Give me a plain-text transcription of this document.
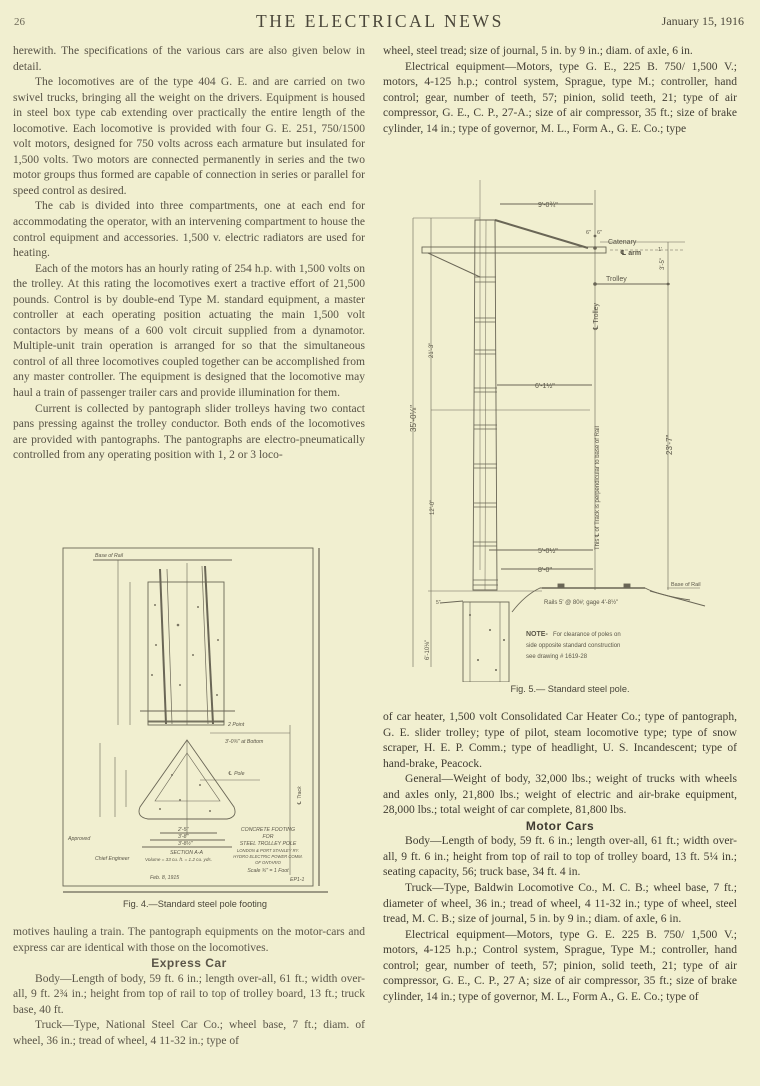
26	THE ELECTRICAL NEWS	January 15, 1916

herewith. The specifications of the various cars are also given below in detail.

The locomotives are of the type 404 G. E. and are carried on two swivel trucks, bringing all the weight on the drivers. Equipment is housed in steel box type cab extending over practically the entire length of the locomotive. Each locomotive is provided with four G. E. 251, 750/1500 volt motors, designed for 750 volts across each armature but insulated for 1,500 volts. Two motors are connected permanently in series and the two motor groups thus formed are capable of connection in series or parallel for speed control as desired.

The cab is divided into three compartments, one at each end for accommodating the operator, with an intervening compartment to house the control equipment and accessories. 1,500 v. electric radiators are used for heating.

Each of the motors has an hourly rating of 254 h.p. with 1,500 volts on the trolley. At this rating the locomotives exert a tractive effort of 21,500 pounds. Control is by double-end Type M. standard equipment, a master controller at each operating position actuating the main 1,500 volt contactors by means of a 600 volt circuit supplied from a dynamotor. Multiple-unit train operation is arranged for so that the simultaneous control of all three locomotives coupled together can be accomplished from any master controller. The equipment is designed that the locomotive may haul a train of passenger trailer cars and provide illumination for them.

Current is collected by pantograph slider trolleys having two contact pans pressing against the trolley conductor. Both ends of the locomotives are provided with pantographs. The pantographs are electro-pneumatically controlled from any operating position with 1, 2 or 3 loco-

Base of Rail
2 Point
3'-0¾" at Bottom
℄ Pole
℄ Track
2'-5"
3'-8"
3'-8½"
SECTION A-A
Volume = 33 cu. ft. = 1.2 cu. yds.
Approved
Chief Engineer
Feb. 8, 1915
CONCRETE FOOTING
FOR
STEEL TROLLEY POLE
LONDON & PORT STANLEY RY.
HYDRO ELECTRIC POWER COMM.
OF ONTARIO
Scale ¾" = 1 Foot
EP1-1
Fig. 4.—Standard steel pole footing

motives hauling a train. The pantograph equipments on the motor-cars and express car are identical with those on the locomotives.

Express Car

Body—Length of body, 59 ft. 6 in.; length over-all, 61 ft.; width over-all, 9 ft. 2¾ in.; height from top of rail to top of trolley board, 13 ft.; truck base, 40 ft.

Truck—Type, National Steel Car Co.; wheel base, 7 ft.; diam. of wheel, 36 in.; tread of wheel, 4 11-32 in.; type of

wheel, steel tread; size of journal, 5 in. by 9 in.; diam. of axle, 6 in.

Electrical equipment—Motors, type G. E., 225 B. 750/ 1,500 V.; motors, 4-125 h.p.; control system, Sprague, type M.; controller, hand control; gear, number of teeth, 57; pinion, solid teeth, 21; type of air compressor, G. E., C. P., 27-A.; size of air compressor, 35 ft.; size of brake cylinder, 14 in.; type of governor, M. L., Form A., G. E. Co.; type

9'-0¾"
6" 6"
Catenary
℄ arm	1'
3'-5"
Trolley
℄ Trolley
21'-3"
35'-0⅛"
6'-1½"
This ℄ of Track is perpendicular to base of Rail	23'-7"
12'-0"
5'-0½"
8'-0"
Base of Rail
Rails 5' @ 80#; gage 4'-8½"
6'-10⅛"
5"
NOTE- For clearance of poles on
side opposite standard construction
see drawing # 1619-28
Fig. 5.— Standard steel pole.

of car heater, 1,500 volt Consolidated Car Heater Co.; type of pantograph, G. E. slider trolley; type of pilot, steam locomotive type; type of snow scraper, H. E. P. Comm.; type of headlight, U. S. Incandescent; type of hand-brake, Peacock.

General—Weight of body, 32,000 lbs.; weight of trucks with wheels and axles only, 21,800 lbs.; weight of electric and air-brake equipment, 28,000 lbs.; total weight of car complete, 81,800 lbs.

Motor Cars

Body—Length of body, 59 ft. 6 in.; length over-all, 61 ft.; width over-all, 9 ft. 6 in.; height from top of rail to top of trolley board, 13 ft. 5¼ in.; seating capacity, 56; truck base, 34 ft. 4 in.

Truck—Type, Baldwin Locomotive Co., M. C. B.; wheel base, 7 ft.; diameter of wheel, 36 in.; tread of wheel, 4 11-32 in.; type of wheel, steel tread, M. C. B.; size of journal, 5 in. by 9 in.; diam. of axle, 6 in.

Electrical equipment—Motors, type G. E. 225 B. 750/ 1,500 V.; motors, 4-125 h.p.; Control system, Sprague, Type M.; controller, hand control; gear, number of teeth, 57; pinion, solid teeth, 21; type of air compressor, G. E., C. P., 27 A; size of air compressor, 35 ft.; size of brake cylinder, 14 in.; type of governor, M. L., Form A., G. E. Co.; type of
